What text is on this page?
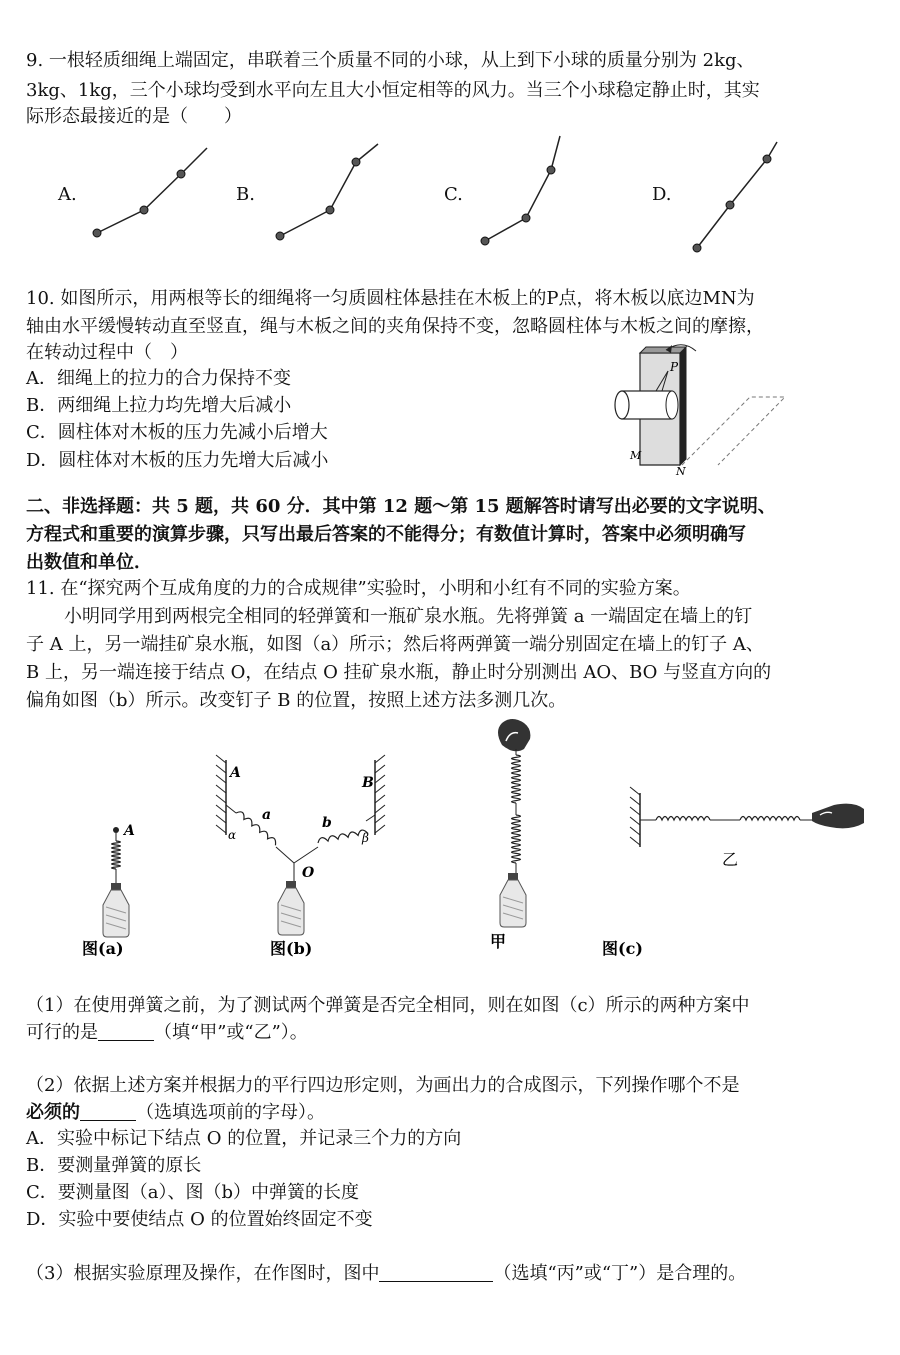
9. 一根轻质细绳上端固定，串联着三个质量不同的小球，从上到下小球的质量分别为 2kg、
3kg、1kg，三个小球均受到水平向左且大小恒定相等的风力。当三个小球稳定静止时，其实
际形态最接近的是（　　）
A.	B.	C.	D.
10. 如图所示，用两根等长的细绳将一匀质圆柱体悬挂在木板上的P点，将木板以底边MN为
轴由水平缓慢转动直至竖直，绳与木板之间的夹角保持不变，忽略圆柱体与木板之间的摩擦，
在转动过程中（　）
A．细绳上的拉力的合力保持不变
B．两细绳上拉力均先增大后减小
C．圆柱体对木板的压力先减小后增大
D．圆柱体对木板的压力先增大后减小
P
M
N
二、非选择题：共 5 题，共 60 分．其中第 12 题～第 15 题解答时请写出必要的文字说明、
方程式和重要的演算步骤，只写出最后答案的不能得分；有数值计算时，答案中必须明确写
出数值和单位．
11. 在“探究两个互成角度的力的合成规律”实验时，小明和小红有不同的实验方案。
小明同学用到两根完全相同的轻弹簧和一瓶矿泉水瓶。先将弹簧 a 一端固定在墙上的钉
子 A 上，另一端挂矿泉水瓶，如图（a）所示；然后将两弹簧一端分别固定在墙上的钉子 A、
B 上，另一端连接于结点 O，在结点 O 挂矿泉水瓶，静止时分别测出 AO、BO 与竖直方向的
偏角如图（b）所示。改变钉子 B 的位置，按照上述方法多测几次。
A
图(a)
A
B
α	β
a	b
O
图(b)	甲
乙
图(c)
（1）在使用弹簧之前，为了测试两个弹簧是否完全相同，则在如图（c）所示的两种方案中
可行的是	（填“甲”或“乙”）。
（2）依据上述方案并根据力的平行四边形定则，为画出力的合成图示，下列操作哪个不是
必须的	（选填选项前的字母）。
A．实验中标记下结点 O 的位置，并记录三个力的方向
B．要测量弹簧的原长
C．要测量图（a）、图（b）中弹簧的长度
D．实验中要使结点 O 的位置始终固定不变
（3）根据实验原理及操作，在作图时，图中	（选填“丙”或“丁”）是合理的。
